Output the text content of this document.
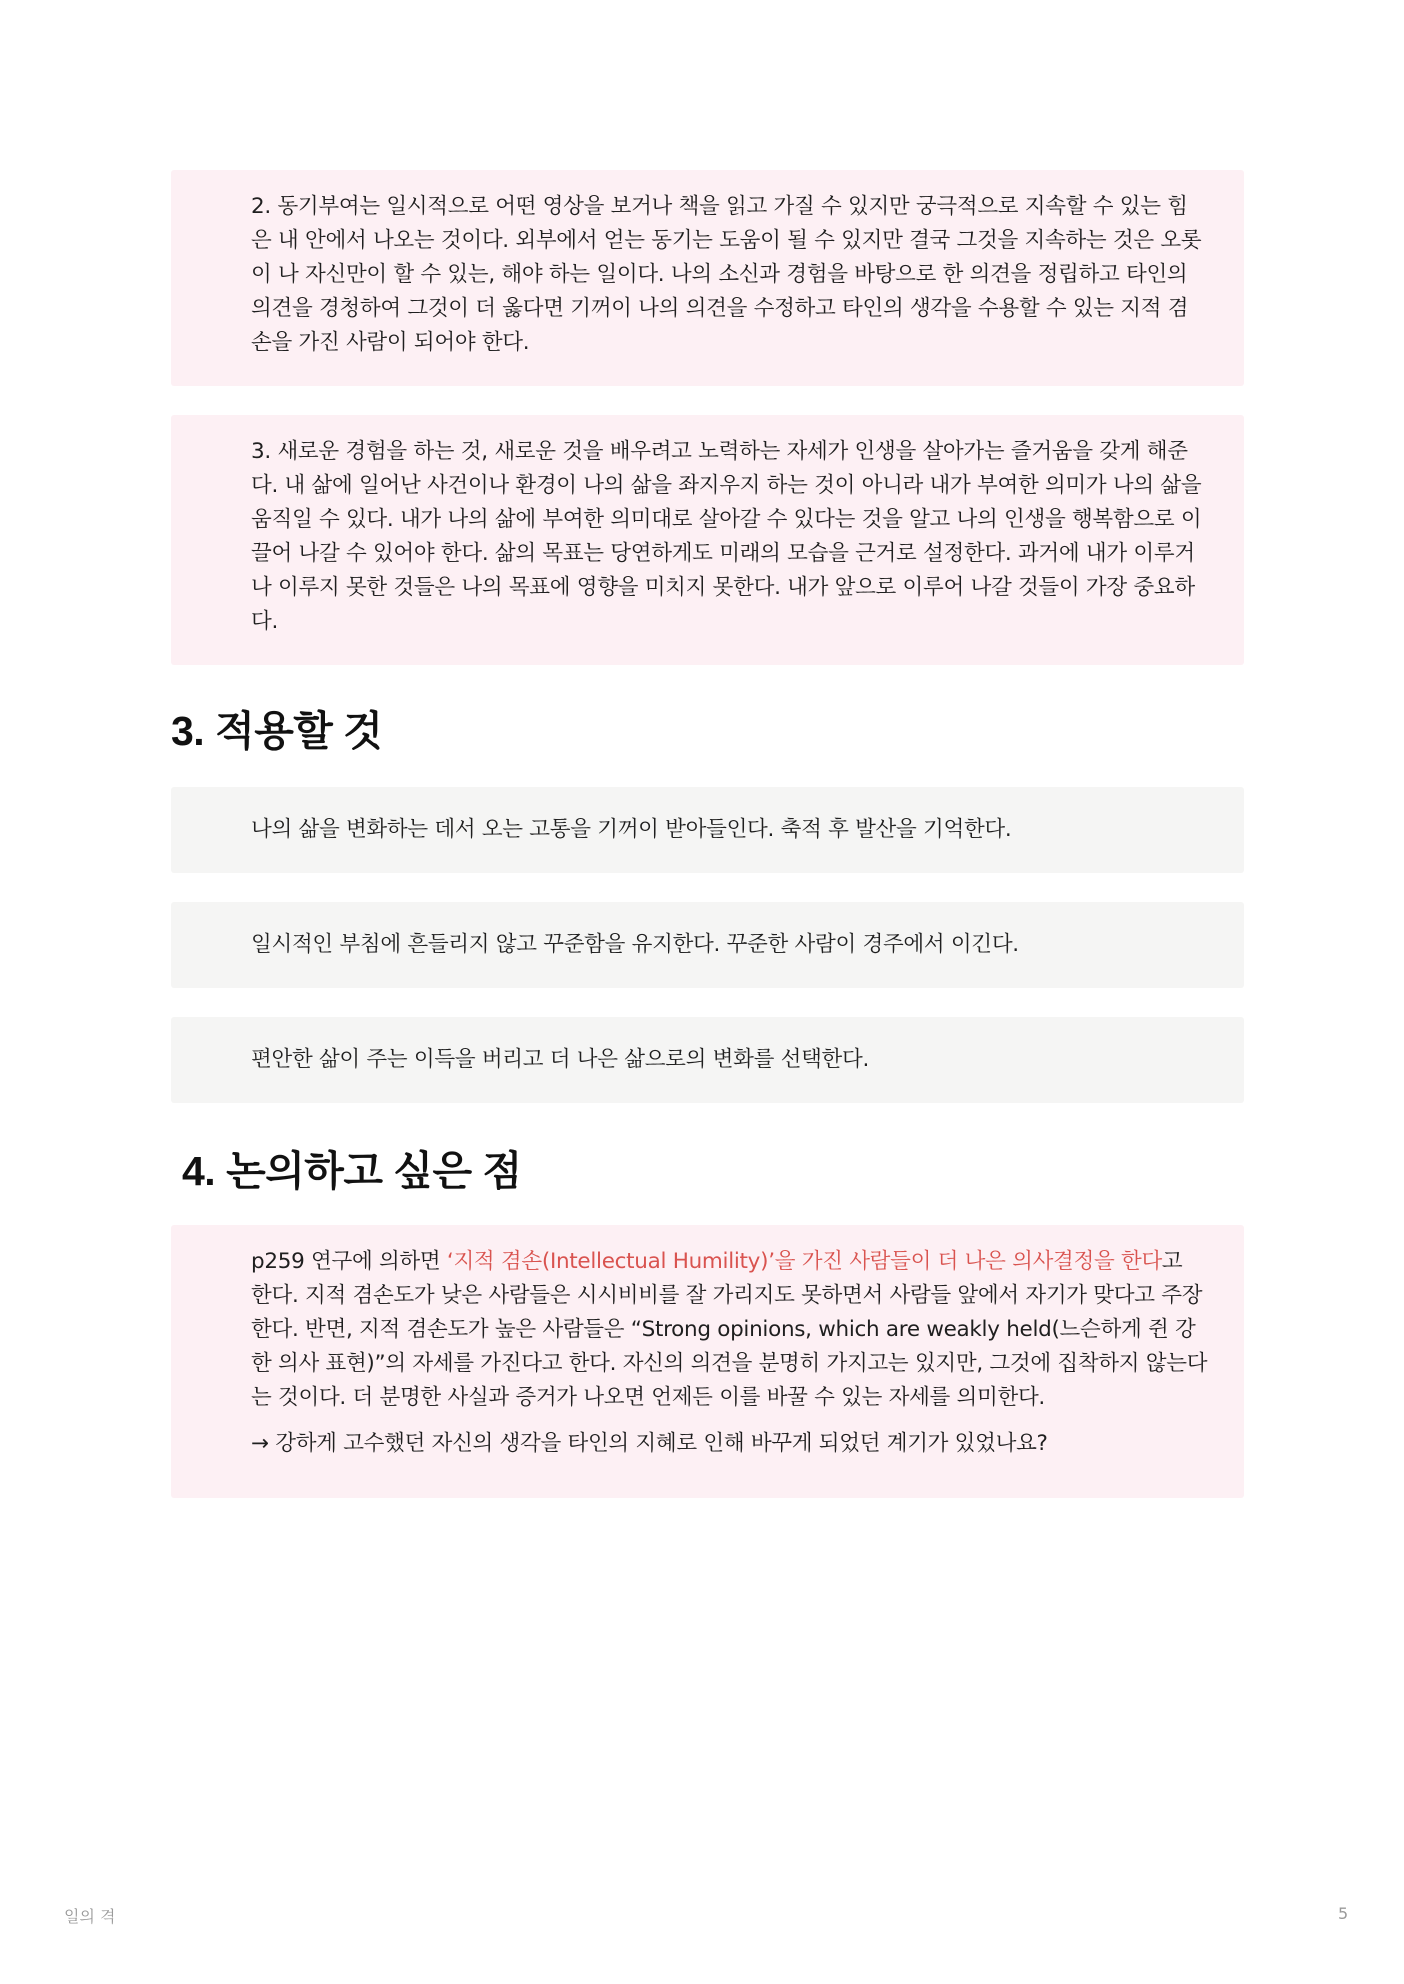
2. 동기부여는 일시적으로 어떤 영상을 보거나 책을 읽고 가질 수 있지만 궁극적으로 지속할 수 있는 힘은 내 안에서 나오는 것이다. 외부에서 얻는 동기는 도움이 될 수 있지만 결국 그것을 지속하는 것은 오롯이 나 자신만이 할 수 있는, 해야 하는 일이다. 나의 소신과 경험을 바탕으로 한 의견을 정립하고 타인의 의견을 경청하여 그것이 더 옳다면 기꺼이 나의 의견을 수정하고 타인의 생각을 수용할 수 있는 지적 겸손을 가진 사람이 되어야 한다.

3. 새로운 경험을 하는 것, 새로운 것을 배우려고 노력하는 자세가 인생을 살아가는 즐거움을 갖게 해준다. 내 삶에 일어난 사건이나 환경이 나의 삶을 좌지우지 하는 것이 아니라 내가 부여한 의미가 나의 삶을 움직일 수 있다. 내가 나의 삶에 부여한 의미대로 살아갈 수 있다는 것을 알고 나의 인생을 행복함으로 이끌어 나갈 수 있어야 한다. 삶의 목표는 당연하게도 미래의 모습을 근거로 설정한다. 과거에 내가 이루거나 이루지 못한 것들은 나의 목표에 영향을 미치지 못한다. 내가 앞으로 이루어 나갈 것들이 가장 중요하다.

3. 적용할 것

나의 삶을 변화하는 데서 오는 고통을 기꺼이 받아들인다. 축적 후 발산을 기억한다.

일시적인 부침에 흔들리지 않고 꾸준함을 유지한다. 꾸준한 사람이 경주에서 이긴다.

편안한 삶이 주는 이득을 버리고 더 나은 삶으로의 변화를 선택한다.

4. 논의하고 싶은 점

p259 연구에 의하면 ‘지적 겸손(Intellectual Humility)’을 가진 사람들이 더 나은 의사결정을 한다고 한다. 지적 겸손도가 낮은 사람들은 시시비비를 잘 가리지도 못하면서 사람들 앞에서 자기가 맞다고 주장한다. 반면, 지적 겸손도가 높은 사람들은 “Strong opinions, which are weakly held(느슨하게 쥔 강한 의사 표현)”의 자세를 가진다고 한다. 자신의 의견을 분명히 가지고는 있지만, 그것에 집착하지 않는다는 것이다. 더 분명한 사실과 증거가 나오면 언제든 이를 바꿀 수 있는 자세를 의미한다.

→ 강하게 고수했던 자신의 생각을 타인의 지혜로 인해 바꾸게 되었던 계기가 있었나요?

일의 격	5
